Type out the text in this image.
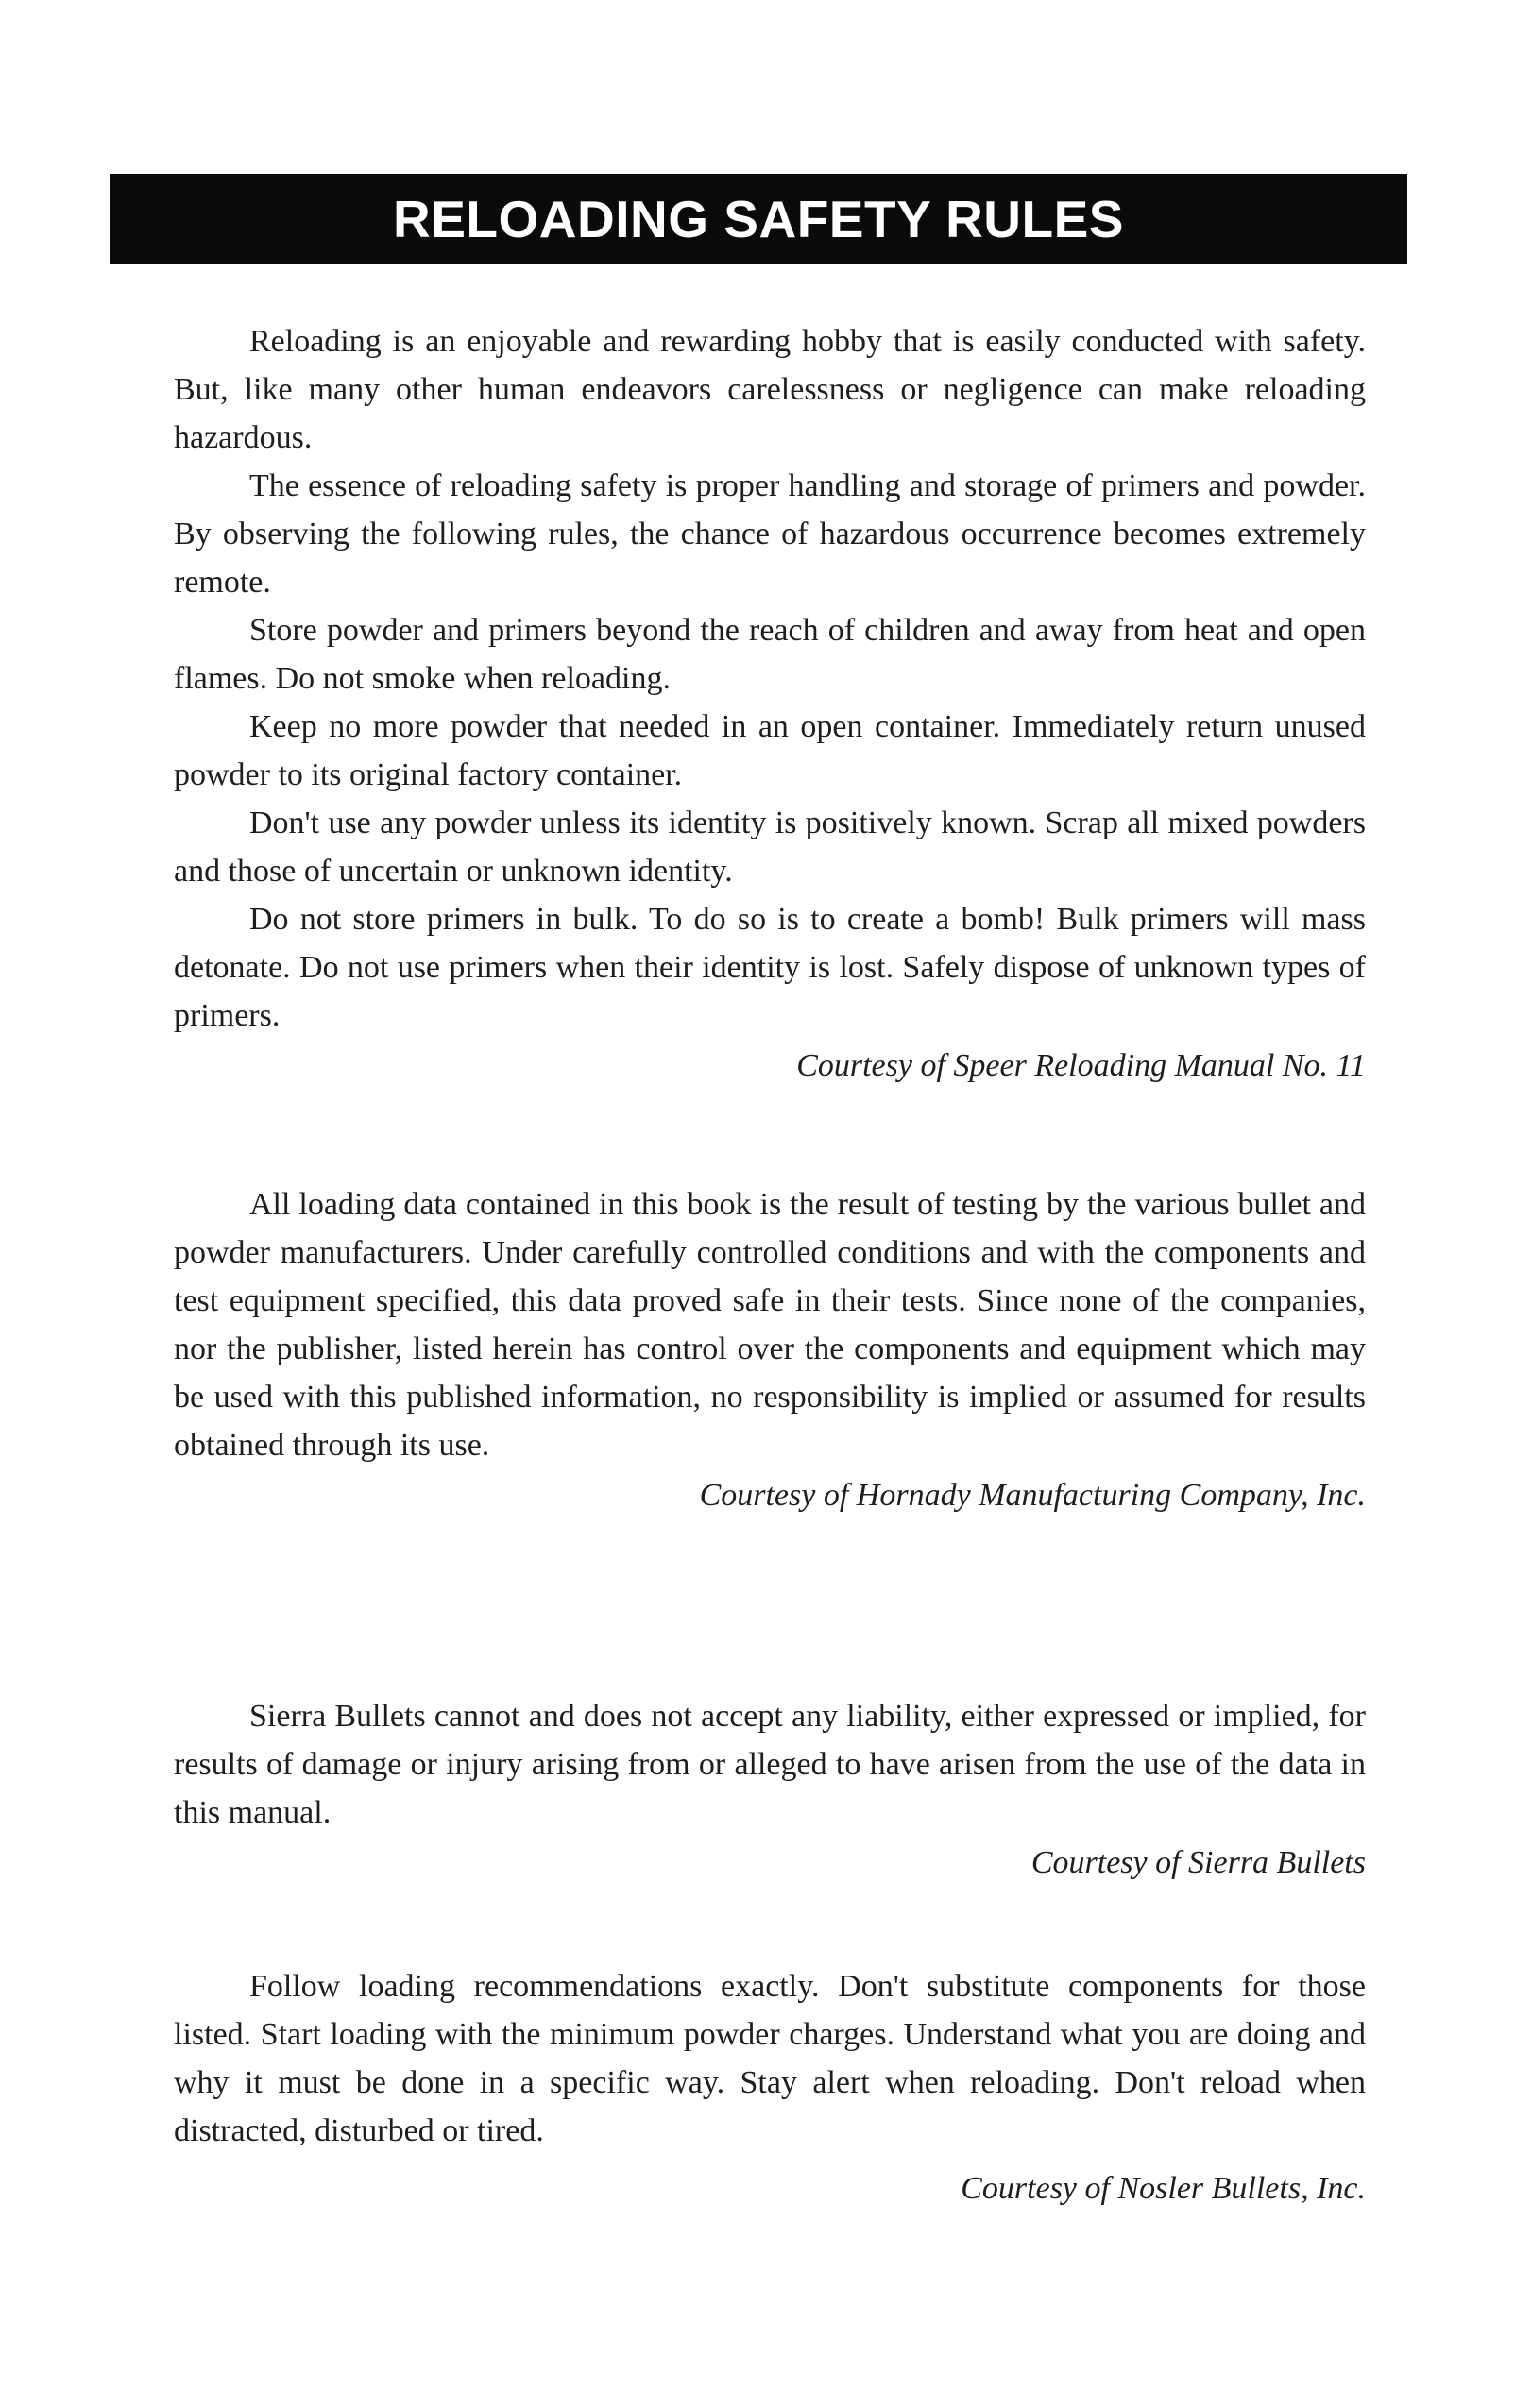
RELOADING SAFETY RULES

Reloading is an enjoyable and rewarding hobby that is easily conducted with safety. But, like many other human endeavors carelessness or negligence can make reloading hazardous.

The essence of reloading safety is proper handling and storage of primers and powder. By observing the following rules, the chance of hazardous occurrence becomes extremely remote.

Store powder and primers beyond the reach of children and away from heat and open flames. Do not smoke when reloading.

Keep no more powder that needed in an open container. Immediately return unused powder to its original factory container.

Don't use any powder unless its identity is positively known. Scrap all mixed powders and those of uncertain or unknown identity.

Do not store primers in bulk. To do so is to create a bomb! Bulk primers will mass detonate. Do not use primers when their identity is lost. Safely dispose of unknown types of primers.

Courtesy of Speer Reloading Manual No. 11

All loading data contained in this book is the result of testing by the various bullet and powder manufacturers. Under carefully controlled conditions and with the components and test equipment specified, this data proved safe in their tests. Since none of the companies, nor the publisher, listed herein has control over the components and equipment which may be used with this published information, no responsibility is implied or assumed for results obtained through its use.

Courtesy of Hornady Manufacturing Company, Inc.

Sierra Bullets cannot and does not accept any liability, either expressed or implied, for results of damage or injury arising from or alleged to have arisen from the use of the data in this manual.

Courtesy of Sierra Bullets

Follow loading recommendations exactly. Don't substitute components for those listed. Start loading with the minimum powder charges. Understand what you are doing and why it must be done in a specific way. Stay alert when reloading. Don't reload when distracted, disturbed or tired.

Courtesy of Nosler Bullets, Inc.
